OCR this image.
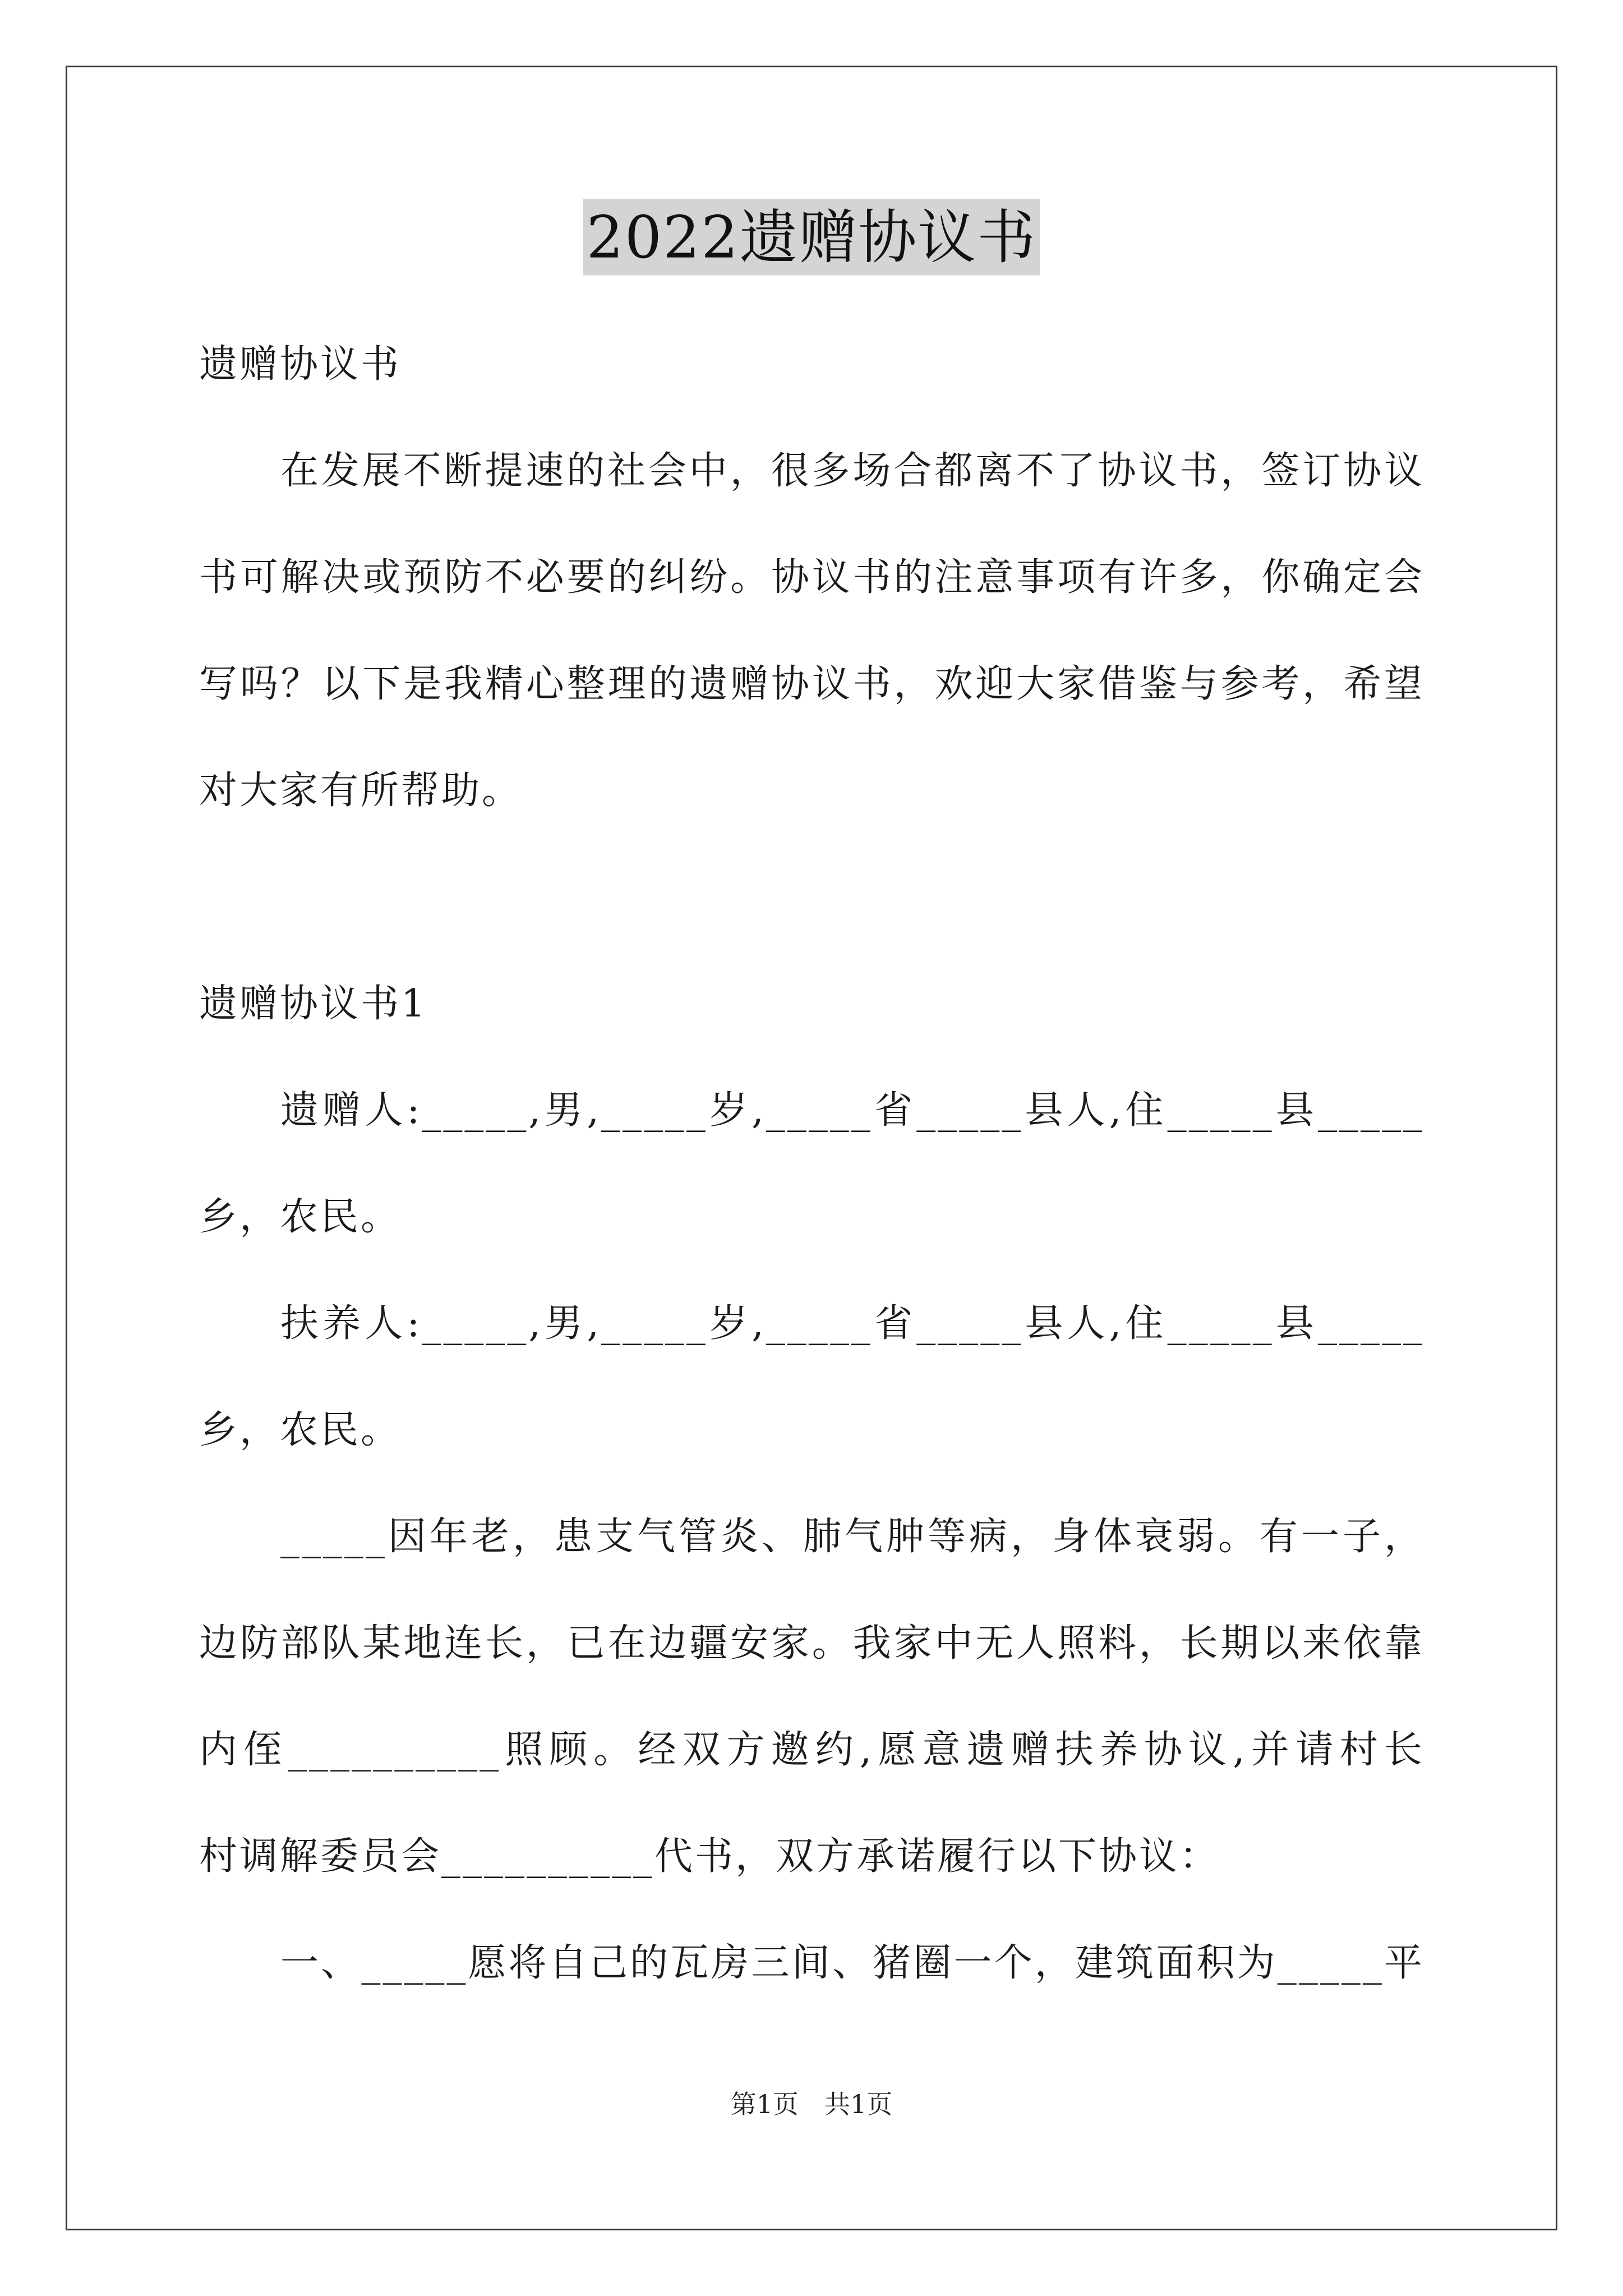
2022遗赠协议书
遗赠协议书
在发展不断提速的社会中，很多场合都离不了协议书，签订协议
书可解决或预防不必要的纠纷。协议书的注意事项有许多，你确定会
写吗？以下是我精心整理的遗赠协议书，欢迎大家借鉴与参考，希望
对大家有所帮助。
遗赠协议书1
遗赠人:_____,男,_____岁,_____省_____县人,住_____县_____
乡，农民。
扶养人:_____,男,_____岁,_____省_____县人,住_____县_____
乡，农民。
_____因年老，患支气管炎、肺气肿等病，身体衰弱。有一子，
边防部队某地连长，已在边疆安家。我家中无人照料，长期以来依靠
内侄__________照顾。经双方邀约,愿意遗赠扶养协议,并请村长
村调解委员会__________代书，双方承诺履行以下协议：
一、_____愿将自己的瓦房三间、猪圈一个，建筑面积为_____平
第1页　共1页
